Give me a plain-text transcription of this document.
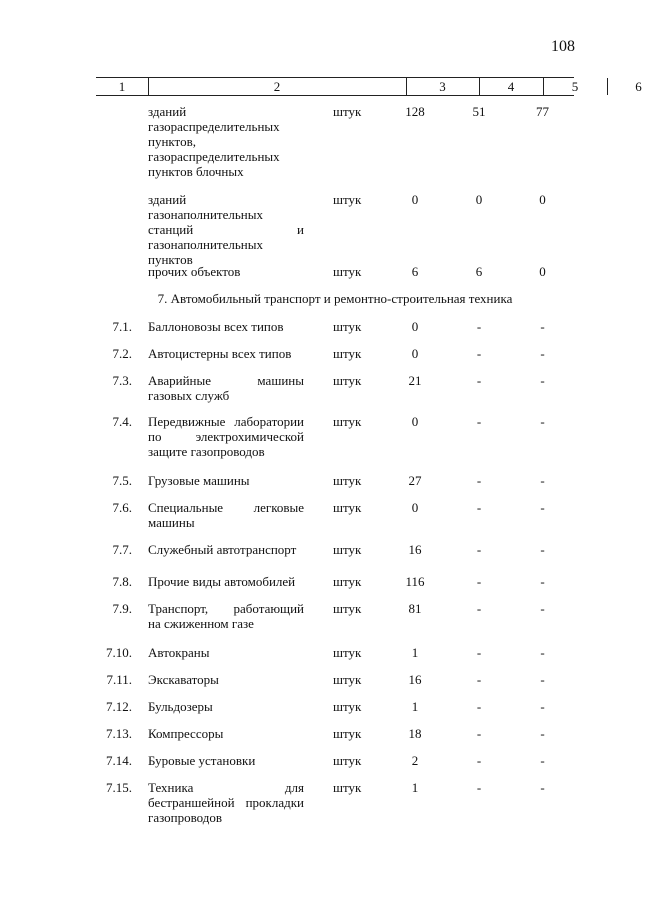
108
1	2	3	4	5	6
зданий
газораспределительных
пунктов,
газораспределительных
пунктов блочных
штук	128	51	77
зданий газонаполнительных
станций и
газонаполнительных
пунктов
штук	0	0	0
прочих объектов	штук	6	6	0
7. Автомобильный транспорт и ремонтно-строительная техника
7.1. Баллоновозы всех типов	штук	0	-	-
7.2. Автоцистерны всех типов	штук	0	-	-
7.3. Аварийные машины
газовых служб
штук	21	-	-
7.4. Передвижные лаборатории
по электрохимической
защите газопроводов
штук	0	-	-
7.5. Грузовые машины	штук	27	-	-
7.6. Специальные легковые
машины
штук	0	-	-
7.7. Служебный автотранспорт	штук	16	-	-
7.8. Прочие виды автомобилей	штук	116	-	-
7.9. Транспорт, работающий
на сжиженном газе
штук	81	-	-
7.10. Автокраны	штук	1	-	-
7.11. Экскаваторы	штук	16	-	-
7.12. Бульдозеры	штук	1	-	-
7.13. Компрессоры	штук	18	-	-
7.14. Буровые установки	штук	2	-	-
7.15. Техника для
бестраншейной прокладки
газопроводов
штук	1	-	-
